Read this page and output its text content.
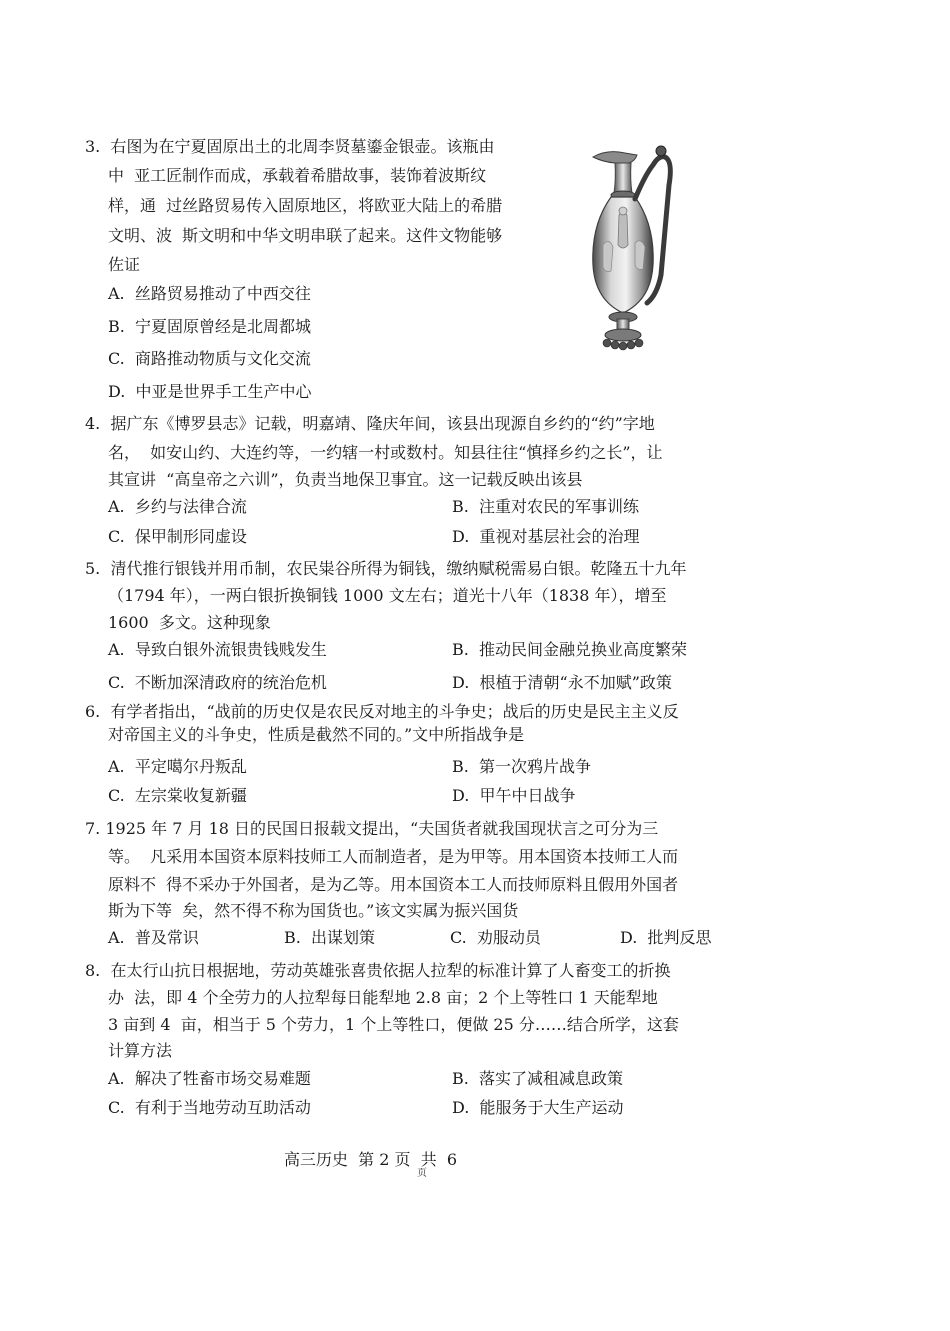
3.  右图为在宁夏固原出土的北周李贤墓鎏金银壶。该瓶由
中  亚工匠制作而成，承载着希腊故事，装饰着波斯纹
样，通  过丝路贸易传入固原地区，将欧亚大陆上的希腊
文明、波  斯文明和中华文明串联了起来。这件文物能够
佐证
A.  丝路贸易推动了中西交往
B.  宁夏固原曾经是北周都城
C.  商路推动物质与文化交流
D.  中亚是世界手工生产中心
4.  据广东《博罗县志》记载，明嘉靖、隆庆年间，该县出现源自乡约的“约”字地
名，  如安山约、大连约等，一约辖一村或数村。知县往往“慎择乡约之长”，让
其宣讲  “高皇帝之六训”，负责当地保卫事宜。这一记载反映出该县
A.  乡约与法律合流	B.  注重对农民的军事训练
C.  保甲制形同虚设	D.  重视对基层社会的治理
5.  清代推行银钱并用币制，农民粜谷所得为铜钱，缴纳赋税需易白银。乾隆五十九年
（1794 年），一两白银折换铜钱 1000 文左右；道光十八年（1838 年），增至
1600  多文。这种现象
A.  导致白银外流银贵钱贱发生	B.  推动民间金融兑换业高度繁荣
C.  不断加深清政府的统治危机	D.  根植于清朝“永不加赋”政策
6.  有学者指出，“战前的历史仅是农民反对地主的斗争史；战后的历史是民主主义反
对帝国主义的斗争史，性质是截然不同的。”文中所指战争是
A.  平定噶尔丹叛乱	B.  第一次鸦片战争
C.  左宗棠收复新疆	D.  甲午中日战争
7. 1925 年 7 月 18 日的民国日报载文提出，“夫国货者就我国现状言之可分为三
等。  凡采用本国资本原料技师工人而制造者，是为甲等。用本国资本技师工人而
原料不  得不采办于外国者，是为乙等。用本国资本工人而技师原料且假用外国者
斯为下等  矣，然不得不称为国货也。”该文实属为振兴国货
A.  普及常识	B.  出谋划策	C.  劝服动员	D.  批判反思
8.  在太行山抗日根据地，劳动英雄张喜贵依据人拉犁的标准计算了人畜变工的折换
办  法，即 4 个全劳力的人拉犁每日能犁地 2.8 亩；2 个上等牲口 1 天能犁地
3 亩到 4  亩，相当于 5 个劳力，1 个上等牲口，便做 25 分……结合所学，这套
计算方法
A.  解决了牲畜市场交易难题	B.  落实了减租减息政策
C.  有利于当地劳动互助活动	D.  能服务于大生产运动
高三历史  第 2 页  共  6
页
